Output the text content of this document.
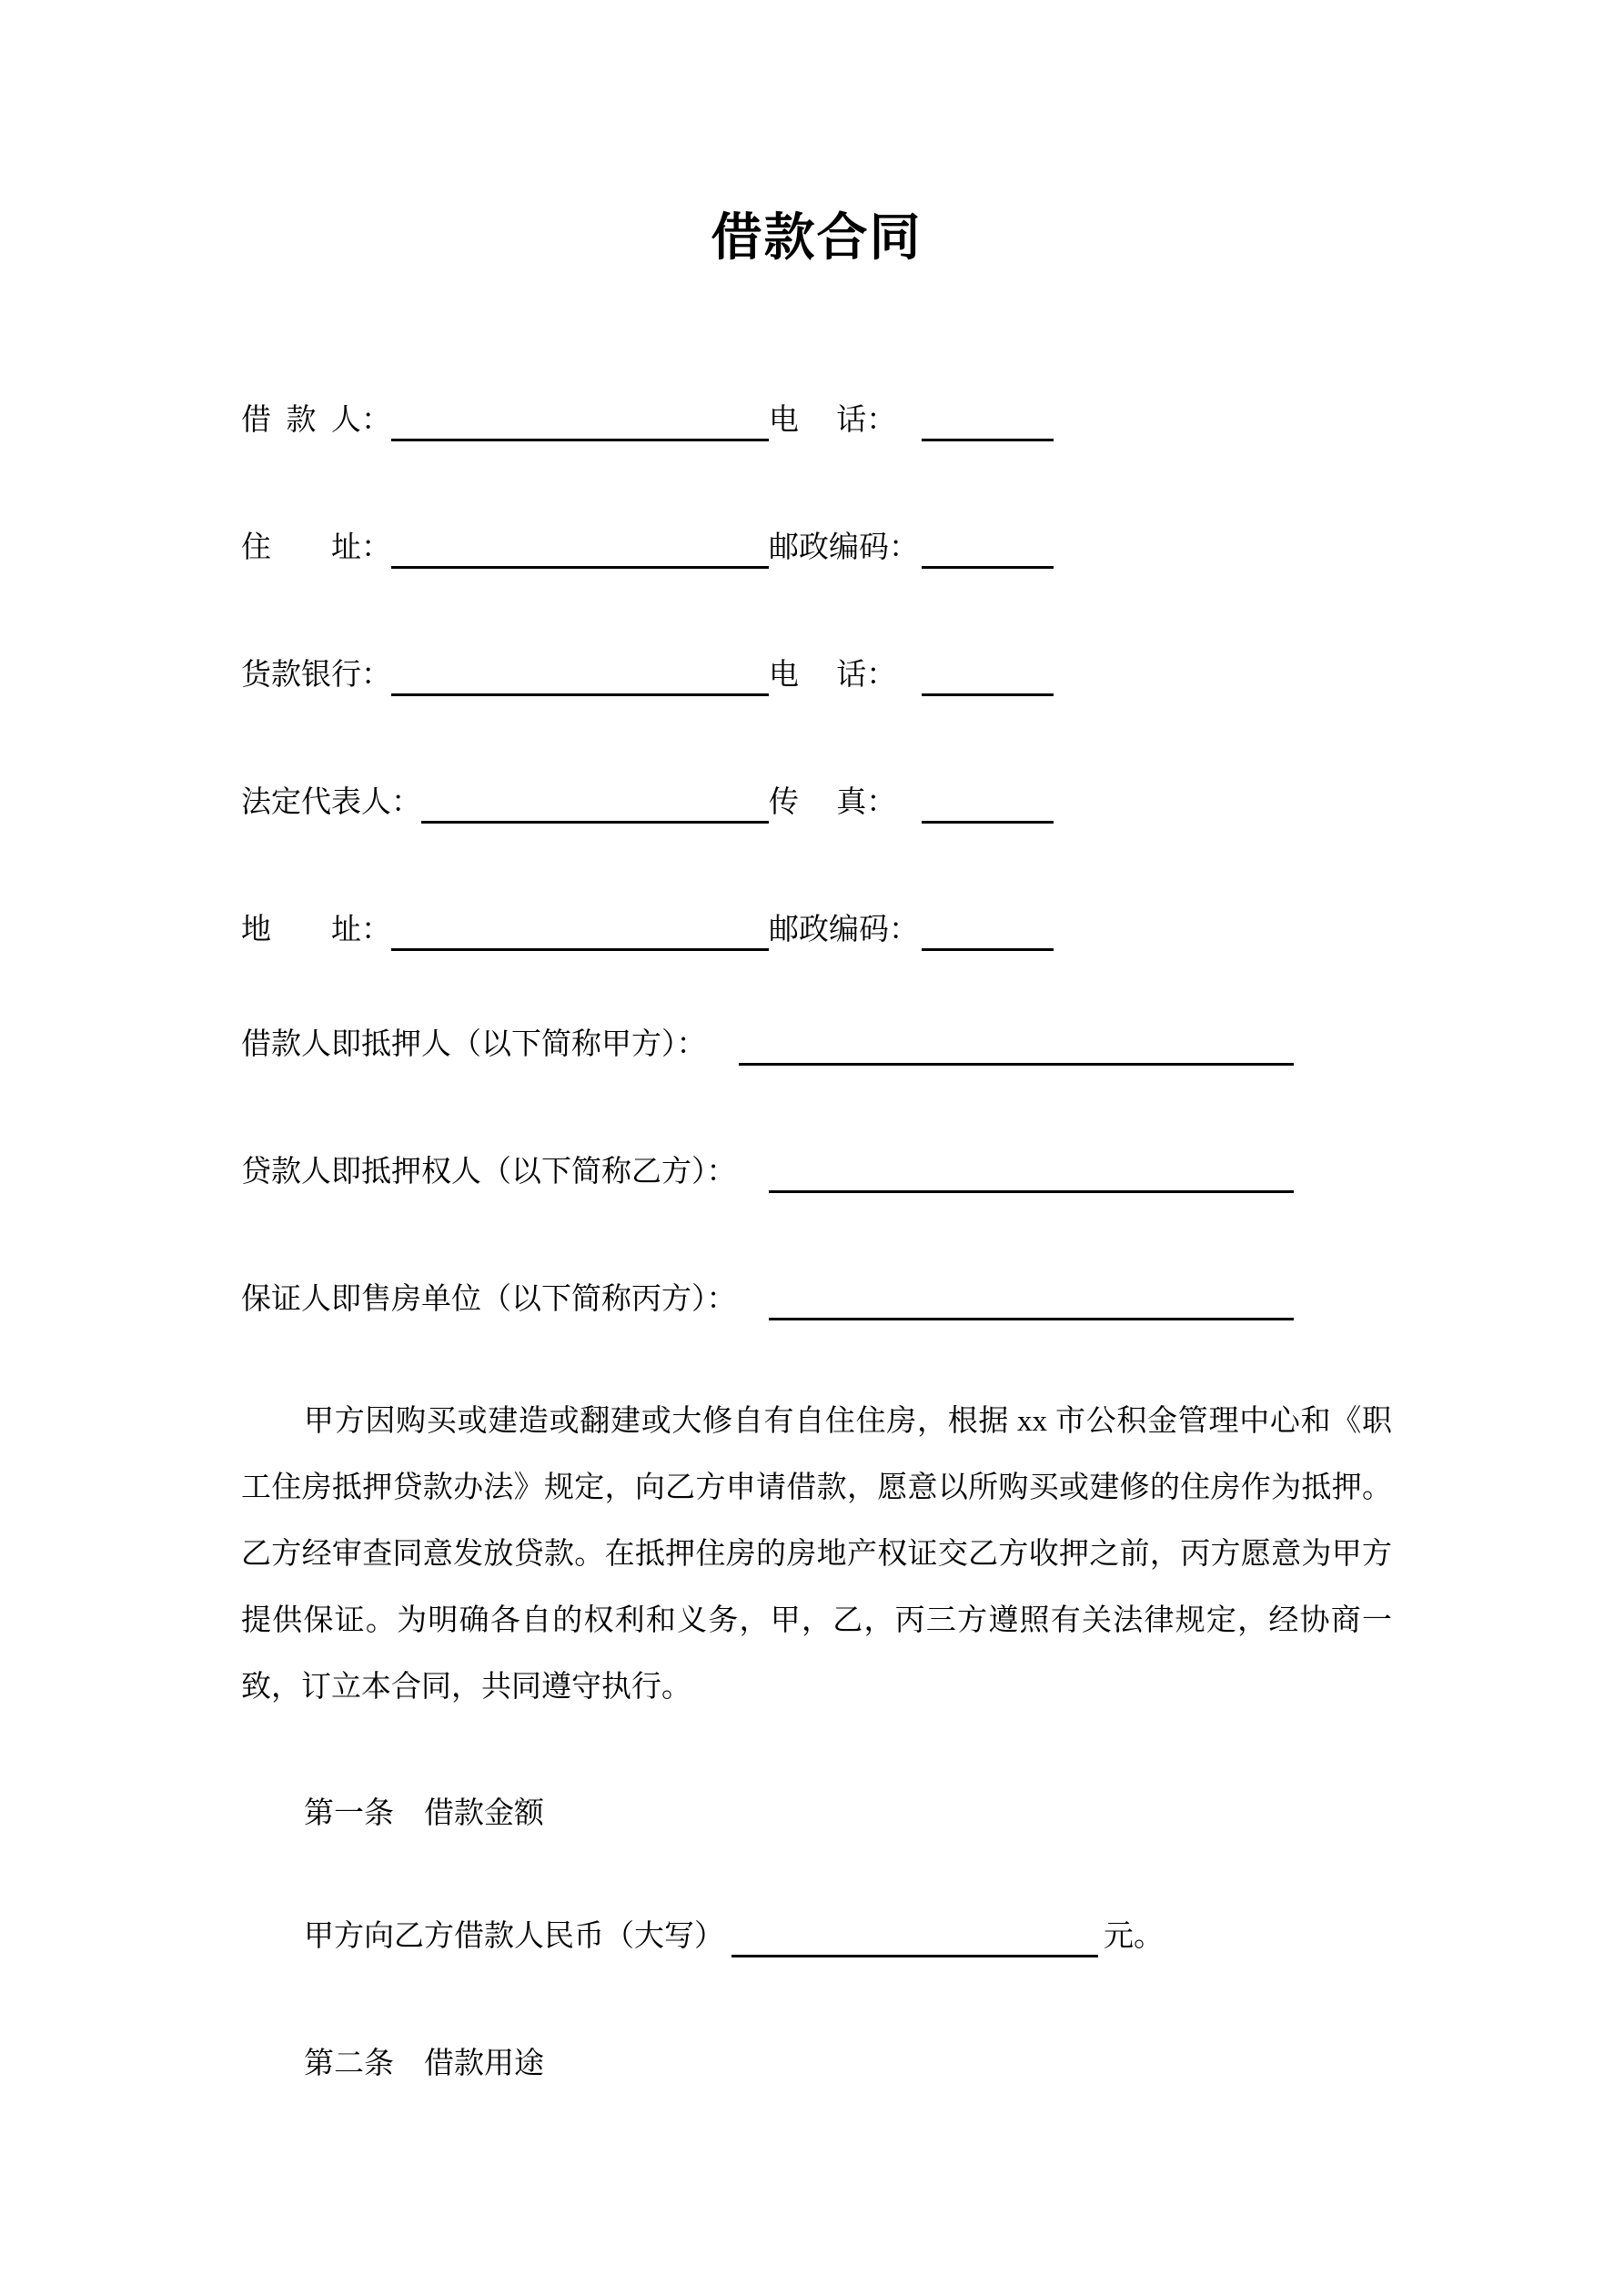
借款合同
借  款  人：	电　 话：
住　　址：	邮政编码：
货款银行：	电　 话：
法定代表人：	传　 真：
地　　址：	邮政编码：
借款人即抵押人（以下简称甲方）：
贷款人即抵押权人（以下简称乙方）：
保证人即售房单位（以下简称丙方）：

甲方因购买或建造或翻建或大修自有自住住房，根据 xx 市公积金管理中心和《职工住房抵押贷款办法》规定，向乙方申请借款，愿意以所购买或建修的住房作为抵押。乙方经审查同意发放贷款。在抵押住房的房地产权证交乙方收押之前，丙方愿意为甲方提供保证。为明确各自的权利和义务，甲，乙，丙三方遵照有关法律规定，经协商一致，订立本合同，共同遵守执行。

第一条　借款金额
甲方向乙方借款人民币（大写）	元。
第二条　借款用途
